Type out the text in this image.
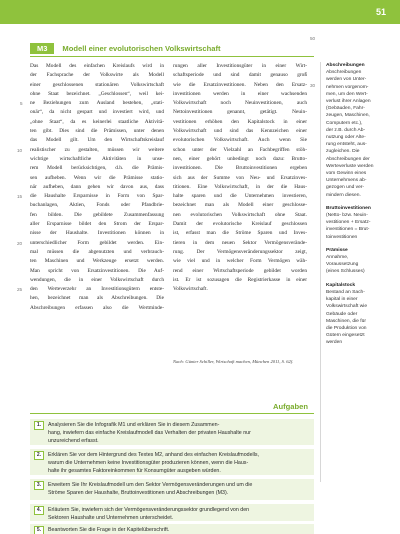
51
M3	Modell einer evolutorischen Volkswirtschaft

Das Modell des einfachen Kreislaufs wird in

der Fachsprache der Volkswirte als Modell

einer geschlossenen stationären Volkswirtschaft

ohne Staat bezeichnet. „Geschlossen“, weil kei-

ne Beziehungen zum Ausland bestehen, „stati-

onär“, da nicht gespart und investiert wird, und

„ohne Staat“, da es keinerlei staatliche Aktivitä-

ten gibt. Dies sind die Prämissen, unter denen

das Modell gilt. Um den Wirtschaftskreislauf

realistischer zu gestalten, müssen wir weitere

wichtige wirtschaftliche Aktivitäten in unse-

rem Modell berücksichtigen, d.h. die Prämis-

sen aufheben. Wenn wir die Prämisse statio-

när aufheben, dann gehen wir davon aus, dass

die Haushalte Ersparnisse in Form von Spar-

buchanlagen, Aktien, Fonds oder Pfandbrie-

fen bilden. Die gebildete Zusammenfassung

aller Ersparnisse bildet den Strom der Erspar-

nisse der Haushalte. Investitionen können in

unterschiedlicher Form gebildet werden. Ein-

mal müssen die abgenutzten und verbrauch-

ten Maschinen und Werkzeuge ersetzt werden.

Man spricht von Ersatzinvestitionen. Die Auf-

wendungen, die in einer Volkswirtschaft durch

den Werteverzehr an Investitionsgütern entste-

hen, bezeichnet man als Abschreibungen. Die

Abschreibungen erfassen also die Wertminde-

rungen aller Investitionsgüter in einer Wirt-

schaftsperiode und sind damit genauso groß

wie die Ersatzinvestitionen. Neben den Ersatz-

investitionen werden in einer wachsenden

Volkswirtschaft noch Neuinvestitionen, auch

Nettoinvestitionen genannt, getätigt. Neuin-

vestitionen erhöhen den Kapitalstock in einer

Volkswirtschaft und sind das Kennzeichen einer

evolutorischen Volkswirtschaft. Auch wenn Sie

schon unter der Vielzahl an Fachbegriffen stöh-

nen, einer gehört unbedingt noch dazu: Brutto-

investitionen. Die Bruttoinvestitionen ergeben

sich aus der Summe von Neu- und Ersatzinves-

titionen. Eine Volkswirtschaft, in der die Haus-

halte sparen und die Unternehmen investieren,

bezeichnet man als Modell einer geschlosse-

nen evolutorischen Volkswirtschaft ohne Staat.

Damit der evolutorische Kreislauf geschlossen

ist, erfasst man die Ströme Sparen und Inves-

tieren in dem neuen Sektor Vermögensverände-

rung. Der Vermögensveränderungssektor zeigt,

wie viel und in welcher Form Vermögen wäh-

rend einer Wirtschaftsperiode gebildet worden

ist. Er ist sozusagen die Registrierkasse in einer

Volkswirtschaft.

Nach: Günter Schiller, Wirtschaft machen, München 2011, S. 62f.
5
10
15
20
25
30
50
Abschreibungen
Abschreibungen
werden von Unter-
nehmen vorgenom-
men, um den Wert-
verlust ihrer Anlagen
(Gebäuden, Fahr-
zeugen, Maschinen,
Computern etc.),
der z.B. durch Ab-
nutzung oder Alte-
rung entsteht, aus-
zugleichen. Die
Abschreibungen der
Werteverluste werden
vom Gewinn eines
Unternehmens ab-
gezogen und ver-
mindern diesen.
Bruttoinvestitionen
(Netto- bzw. Neuin-
vestitionen + Ersatz-
investitionen = Brut-
toinvestitionen
Prämisse
Annahme,
Voraussetzung
(eines Schlusses)
Kapitalstock
Bestand an Sach-
kapital in einer
Volkswirtschaft wie
Gebäude oder
Maschinen, die für
die Produktion von
Gütern eingesetzt
werden
Aufgaben
1.	Analysieren Sie die Infografik M1 und erklären Sie in diesem Zusammen-
hang, inwiefern das einfache Kreislaufmodell das Verhalten der privaten Haushalte nur
unzureichend erfasst.
2.	Erklären Sie vor dem Hintergrund des Textes M2, anhand des einfachen Kreislaufmodells,
warum die Unternehmen keine Investitionsgüter produzieren können, wenn die Haus-
halte ihr gesamtes Faktoreinkommen für Konsumgüter ausgeben würden.
3.	Erweitern Sie Ihr Kreislaufmodell um den Sektor Vermögensveränderungen und um die
Ströme Sparen der Haushalte, Bruttoinvestitionen und Abschreibungen (M3).
4.	Erläutern Sie, inwiefern sich der Vermögensveränderungssektor grundlegend von den
Sektoren Haushalte und Unternehmen unterscheidet.
5.	Beantworten Sie die Frage in der Kapitelüberschrift.
